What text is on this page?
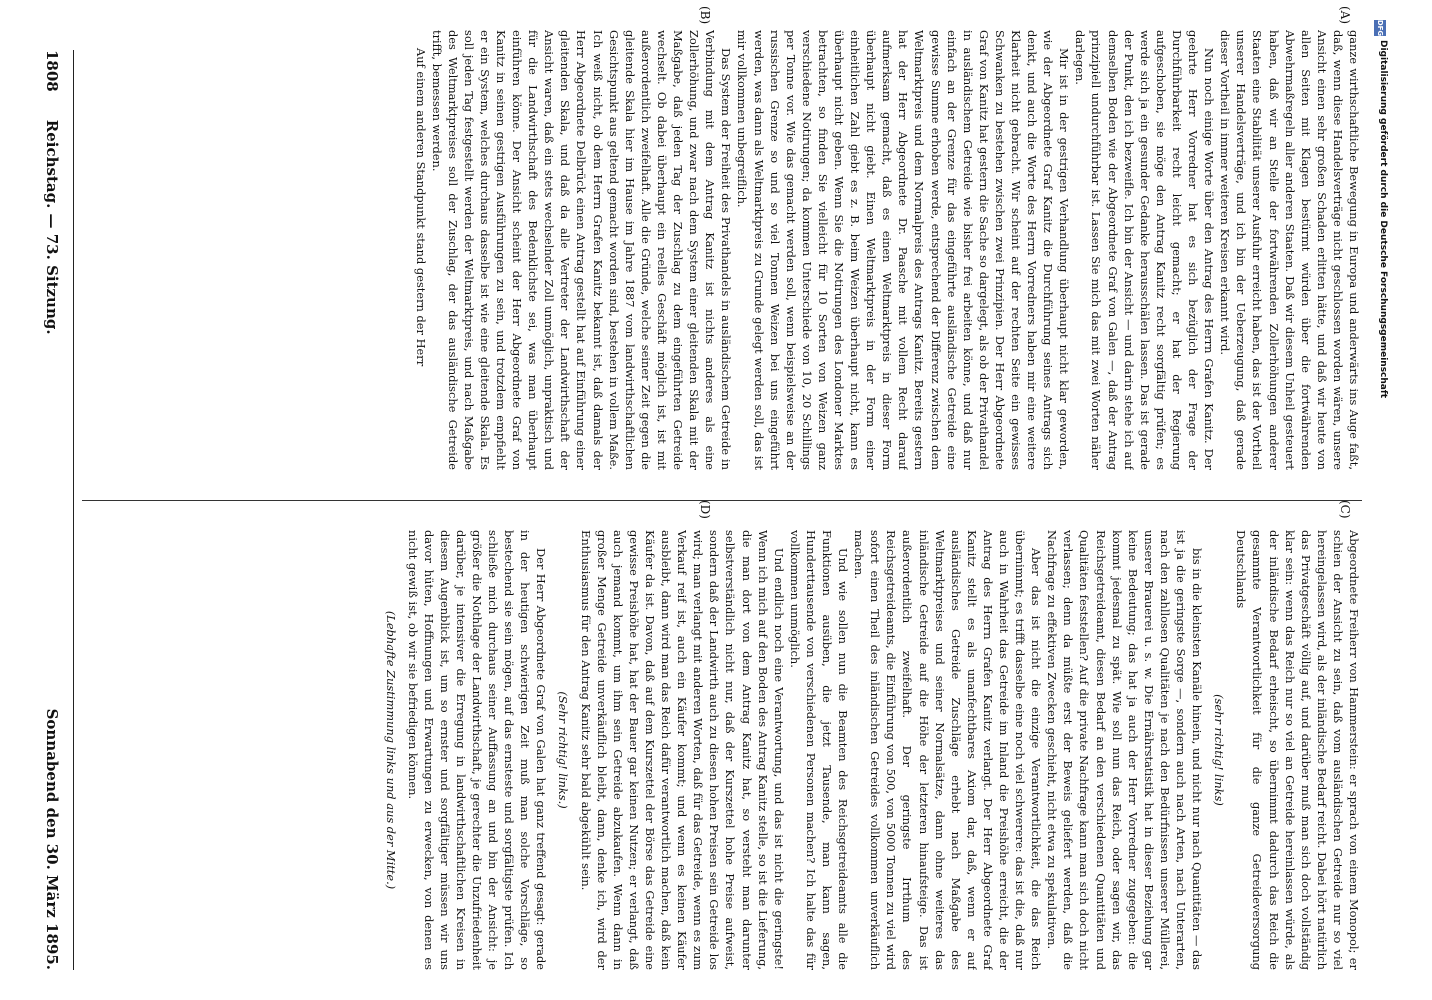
DFG
Digitalisierung gefördert durch die Deutsche Forschungsgemeinschaft

ganze wirthschaftliche Bewegung in Europa und anderwärts ins Auge faßt, daß, wenn diese Handelsverträge nicht geschlossen worden wären, unsere Ansicht einen sehr großen Schaden erlitten hätte, und daß wir heute von allen Seiten mit Klagen bestürmt würden über die fortwährenden Abwehrmaßregeln aller anderen Staaten. Daß wir diesem Unheil gesteuert haben, daß wir an Stelle der fortwährenden Zollerhöhungen anderer Staaten eine Stabilität unserer Ausfuhr erreicht haben, das ist der Vortheil unserer Handelsverträge, und ich bin der Ueberzeugung, daß gerade dieser Vortheil in immer weiteren Kreisen erkannt wird.

Nun noch einige Worte über den Antrag des Herrn Grafen Kanitz. Der geehrte Herr Vorredner hat es sich bezüglich der Frage der Durchführbarkeit recht leicht gemacht; er hat der Regierung aufgeschoben, sie möge den Antrag Kanitz recht sorgfältig prüfen; es werde sich ja ein gesunder Gedanke herausschälen lassen. Das ist gerade der Punkt, den ich bezweifle. Ich bin der Ansicht — und darin stehe ich auf demselben Boden wie der Abgeordnete Graf von Galen —, daß der Antrag prinzipiell undurchführbar ist. Lassen Sie mich das mit zwei Worten näher darlegen.

Mir ist in der gestrigen Verhandlung überhaupt nicht klar geworden, wie der Abgeordnete Graf Kanitz die Durchführung seines Antrags sich denkt, und auch die Worte des Herrn Vorredners haben mir eine weitere Klarheit nicht gebracht. Wir scheint auf der rechten Seite ein gewisses Schwanken zu bestehen zwischen zwei Prinzipien. Der Herr Abgeordnete Graf von Kanitz hat gestern die Sache so dargelegt, als ob der Privathandel in ausländischem Getreide wie bisher frei arbeiten könne, und daß nur einfach an der Grenze für das eingeführte ausländische Getreide eine gewisse Summe erhoben werde, entsprechend der Differenz zwischen dem Weltmarktpreis und dem Normalpreis des Antrags Kanitz. Bereits gestern hat der Herr Abgeordnete Dr. Paasche mit vollem Recht darauf aufmerksam gemacht, daß es einen Weltmarktpreis in dieser Form überhaupt nicht giebt. Einen Weltmarktpreis in der Form einer einheitlichen Zahl giebt es z. B. beim Weizen überhaupt nicht, kann es überhaupt nicht geben. Wenn Sie die Notirungen des Londoner Marktes betrachten, so finden Sie vielleicht für 10 Sorten von Weizen ganz verschiedene Notirungen; da kommen Unterschiede von 10, 20 Schillings per Tonne vor. Wie das gemacht werden soll, wenn beispielsweise an der russischen Grenze so und so viel Tonnen Weizen bei uns eingeführt werden, was dann als Weltmarktpreis zu Grunde gelegt werden soll, das ist mir vollkommen unbegreiflich.

Das System der Freiheit des Privathandels in ausländischem Getreide in Verbindung mit dem Antrag Kanitz ist nichts anderes als eine Zollerhöhung, und zwar nach dem System einer gleitenden Skala mit der Maßgabe, daß jeden Tag der Zuschlag zu dem eingeführten Getreide wechselt. Ob dabei überhaupt ein reelles Geschäft möglich ist, ist mit außerordentlich zweifelhaft. Alle die Gründe, welche seiner Zeit gegen die gleitende Skala hier im Hause im Jahre 1887 vom landwirthschaftlichen Gesichtspunkt aus geltend gemacht worden sind, bestehen in vollem Maße. Ich weiß nicht, ob dem Herrn Grafen Kanitz bekannt ist, daß damals der Herr Abgeordnete Delbrück einen Antrag gestellt hat auf Einführung einer gleitenden Skala, und daß da alle Vertreter der Landwirthschaft der Ansicht waren, daß ein stets wechselnder Zoll unmöglich, unpraktisch und für die Landwirthschaft des Bedenklichste sei, was man überhaupt einführen könne. Der Ansicht scheint der Herr Abgeordnete Graf von Kanitz in seinen gestrigen Ausführungen zu sein, und trotzdem empfiehlt er ein System, welches durchaus dasselbe ist wie eine gleitende Skala. Es soll jeden Tag festgestellt werden der Weltmarktpreis, und nach Maßgabe des Weltmarktpreises soll der Zuschlag, der das ausländische Getreide trifft, bemessen werden.

Auf einem anderen Standpunkt stand gestern der Herr

Abgeordnete Freiherr von Hammerstein: er sprach von einem Monopol; er schien der Ansicht zu sein, daß vom ausländischen Getreide nur so viel hereingelassen wird, als der inländische Bedarf reicht. Dabei hört natürlich das Privatgeschäft völlig auf, und darüber muß man sich doch vollständig klar sein: wenn das Reich nur so viel an Getreide hereinlassen würde, als der inländische Bedarf erheischt, so übernimmt dadurch das Reich die gesammte Verantwortlichkeit für die ganze Getreideversorgung Deutschlands

(sehr richtig! links)

bis in die kleinsten Kanäle hinein, und nicht nur nach Quantitäten — das ist ja die geringste Sorge —, sondern auch nach Arten, nach Unterarten, nach den zahllosen Qualitäten je nach den Bedürfnissen unserer Müllerei, unserer Brauerei u. s. w. Die Ernährstatistik hat in dieser Beziehung gar keine Bedeutung; das hat ja auch der Herr Vorredner zugegeben: die kommt jedesmal zu spät. Wie soll nun das Reich, oder sagen wir, das Reichsgetreideamt, diesen Bedarf an den verschiedenen Quantitäten und Qualitäten feststellen? Auf die private Nachfrage kann man sich doch nicht verlassen; denn da müßte erst der Beweis geliefert werden, daß die Nachfrage zu effektiven Zwecken geschieht, nicht etwa zu spekulativen.

Aber das ist nicht die einzige Verantwortlichkeit, die das Reich übernimmt; es trifft dasselbe eine noch viel schwerere: das ist die, daß nur auch in Wahrheit das Getreide im Inland die Preishöhe erreicht, die der Antrag des Herrn Grafen Kanitz verlangt. Der Herr Abgeordnete Graf Kanitz stellt es als unanfechtbares Axiom dar, daß, wenn er auf ausländisches Getreide Zuschläge erhebt nach Maßgabe des Weltmarktpreises und seiner Normalsätze, dann ohne weiteres das inländische Getreide auf die Höhe der letzteren hinaufsteige. Das ist außerordentlich zweifelhaft. Der geringste Irrthum des Reichsgetreideamts, die Einführung von 500, von 5000 Tonnen zu viel wird sofort einen Theil des inländischen Getreides vollkommen unverkäuflich machen.

Und wie sollen nun die Beamten des Reichsgetreideamts alle die Funktionen ausüben, die jetzt Tausende, man kann sagen, Hunderttausende von verschiedenen Personen machen? Ich halte das für vollkommen unmöglich.

Und endlich noch eine Verantwortung, und das ist nicht die geringste! Wenn ich mich auf den Boden des Antrag Kanitz stelle, so ist die Lieferung, die man dort von dem Antrag Kanitz hat, so versteht man darunter selbstverständlich nicht nur, daß der Kurszettel hohe Preise aufweist, sondern daß der Landwirth auch zu diesen hohen Preisen sein Getreide los wird; man verlangt mit anderen Worten, daß für das Getreide, wenn es zum Verkauf reif ist, auch ein Käufer kommt; und wenn es keinen Käufer ausbleibt, dann wird man das Reich dafür verantwortlich machen, daß kein Käufer da ist. Davon, daß auf dem Kurszettel der Börse das Getreide eine gewisse Preishöhe hat, hat der Bauer gar keinen Nutzen; er verlangt, daß auch jemand kommt, um ihm sein Getreide abzukaufen. Wenn dann in großer Menge Getreide unverkäuflich bleibt, dann, denke ich, wird der Enthusiasmus für den Antrag Kanitz sehr bald abgekühlt sein.

(Sehr richtig! links.)

Der Herr Abgeordnete Graf von Galen hat ganz treffend gesagt: gerade in der heutigen schwierigen Zeit muß man solche Vorschläge, so bestechend sie sein mögen, auf das ernsteste und sorgfältigste prüfen. Ich schließe mich durchaus seiner Auffassung an und bin der Ansicht: je größer die Nothlage der Landwirthschaft, je gerechter die Unzufriedenheit darüber, je intensiver die Erregung in landwirthschaftlichen Kreisen in diesem Augenblick ist, um so ernster und sorgfältiger müssen wir uns davor hüten, Hoffnungen und Erwartungen zu erwecken, von denen es nicht gewiß ist, ob wir sie befriedigen können.

(Lebhafte Zustimmung links und aus der Mitte.)

(A)
(B)
(C)
(D)
1808
Reichstag. — 73. Sitzung.
Sonnabend den 30. März 1895.
